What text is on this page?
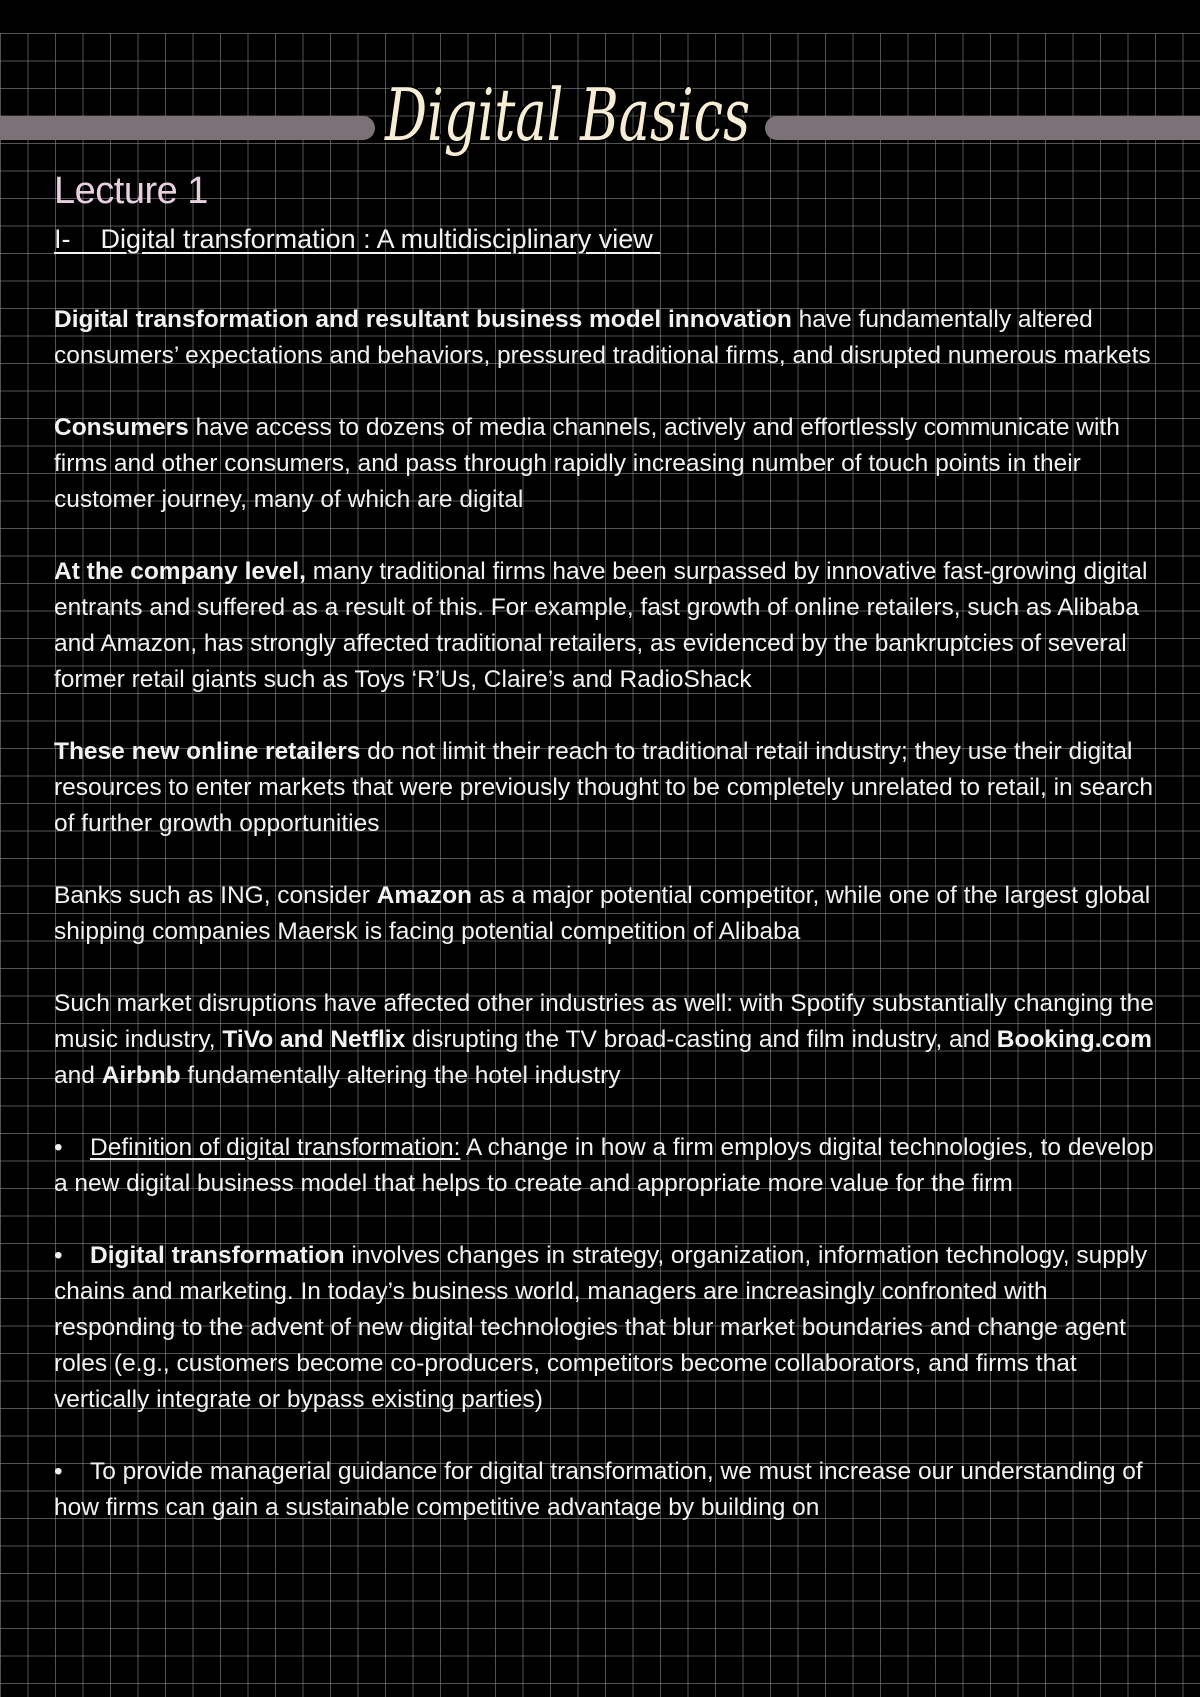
Digital Basics
Lecture 1
I- Digital transformation : A multidisciplinary view

Digital transformation and resultant business model innovation have fundamentally altered consumers’ expectations and behaviors, pressured traditional firms, and disrupted numerous markets

Consumers have access to dozens of media channels, actively and effortlessly communicate with firms and other consumers, and pass through rapidly increasing number of touch points in their customer journey, many of which are digital

At the company level, many traditional firms have been surpassed by innovative fast-growing digital entrants and suffered as a result of this. For example, fast growth of online retailers, such as Alibaba and Amazon, has strongly affected traditional retailers, as evidenced by the bankruptcies of several former retail giants such as Toys ‘R’Us, Claire’s and RadioShack

These new online retailers do not limit their reach to traditional retail industry; they use their digital resources to enter markets that were previously thought to be completely unrelated to retail, in search of further growth opportunities

Banks such as ING, consider Amazon as a major potential competitor, while one of the largest global shipping companies Maersk is facing potential competition of Alibaba

Such market disruptions have affected other industries as well: with Spotify substantially changing the music industry, TiVo and Netflix disrupting the TV broad-casting and film industry, and Booking.com and Airbnb fundamentally altering the hotel industry

• Definition of digital transformation: A change in how a firm employs digital technologies, to develop a new digital business model that helps to create and appropriate more value for the firm

• Digital transformation involves changes in strategy, organization, information technology, supply chains and marketing. In today’s business world, managers are increasingly confronted with responding to the advent of new digital technologies that blur market boundaries and change agent roles (e.g., customers become co-producers, competitors become collaborators, and firms that vertically integrate or bypass existing parties)

• To provide managerial guidance for digital transformation, we must increase our understanding of how firms can gain a sustainable competitive advantage by building on
